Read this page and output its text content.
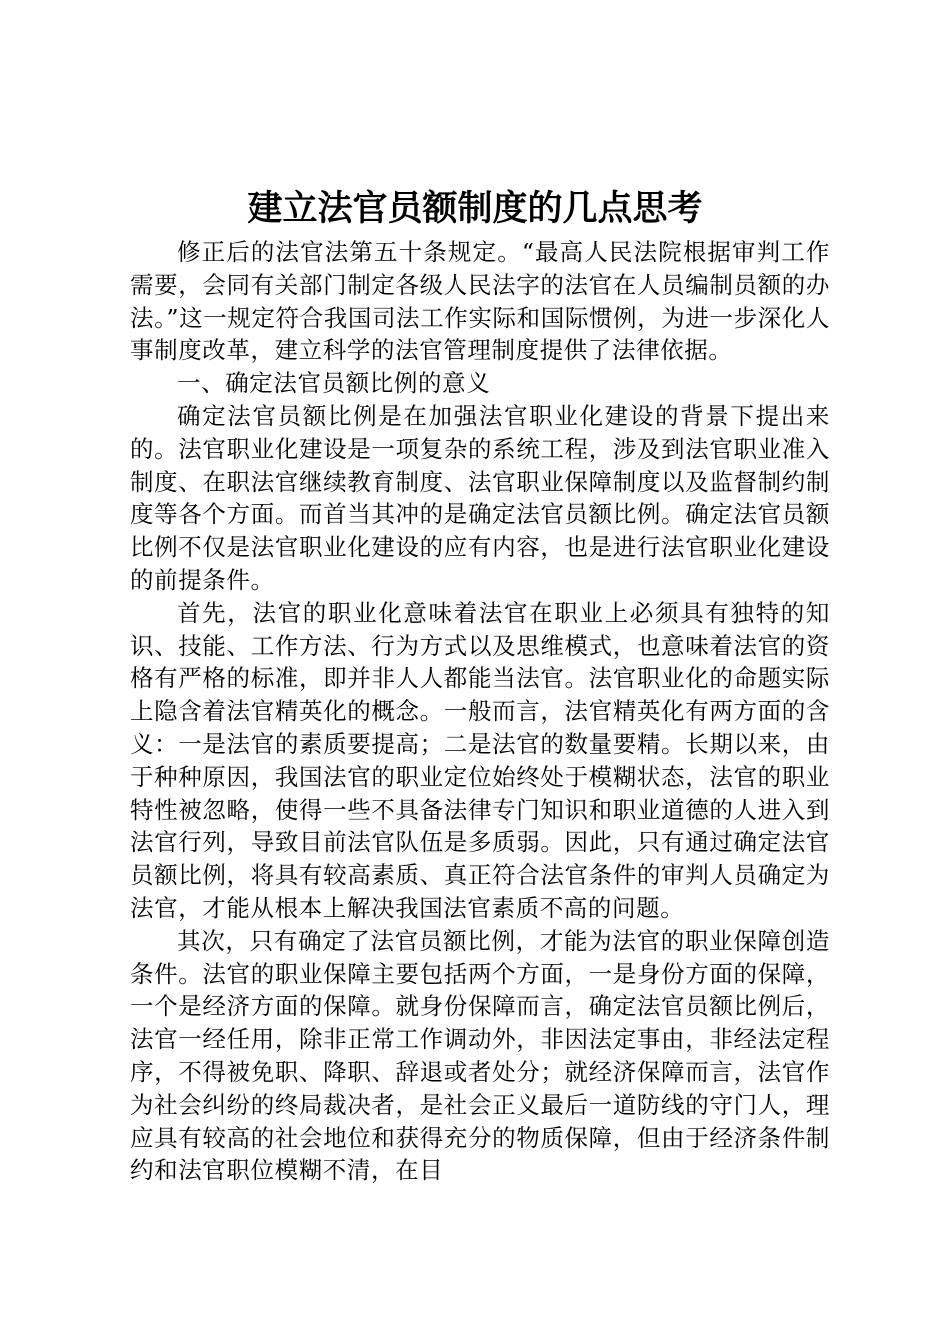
建立法官员额制度的几点思考

修正后的法官法第五十条规定。“最高人民法院根据审判工作需要，会同有关部门制定各级人民法字的法官在人员编制员额的办法。”这一规定符合我国司法工作实际和国际惯例，为进一步深化人事制度改革，建立科学的法官管理制度提供了法律依据。

一、确定法官员额比例的意义

确定法官员额比例是在加强法官职业化建设的背景下提出来的。法官职业化建设是一项复杂的系统工程，涉及到法官职业准入制度、在职法官继续教育制度、法官职业保障制度以及监督制约制度等各个方面。而首当其冲的是确定法官员额比例。确定法官员额比例不仅是法官职业化建设的应有内容，也是进行法官职业化建设的前提条件。

首先，法官的职业化意味着法官在职业上必须具有独特的知识、技能、工作方法、行为方式以及思维模式，也意味着法官的资格有严格的标准，即并非人人都能当法官。法官职业化的命题实际上隐含着法官精英化的概念。一般而言，法官精英化有两方面的含义：一是法官的素质要提高；二是法官的数量要精。长期以来，由于种种原因，我国法官的职业定位始终处于模糊状态，法官的职业特性被忽略，使得一些不具备法律专门知识和职业道德的人进入到法官行列，导致目前法官队伍是多质弱。因此，只有通过确定法官员额比例，将具有较高素质、真正符合法官条件的审判人员确定为法官，才能从根本上解决我国法官素质不高的问题。

其次，只有确定了法官员额比例，才能为法官的职业保障创造条件。法官的职业保障主要包括两个方面，一是身份方面的保障，一个是经济方面的保障。就身份保障而言，确定法官员额比例后，法官一经任用，除非正常工作调动外，非因法定事由，非经法定程序，不得被免职、降职、辞退或者处分；就经济保障而言，法官作为社会纠纷的终局裁决者，是社会正义最后一道防线的守门人，理应具有较高的社会地位和获得充分的物质保障，但由于经济条件制约和法官职位模糊不清，在目
